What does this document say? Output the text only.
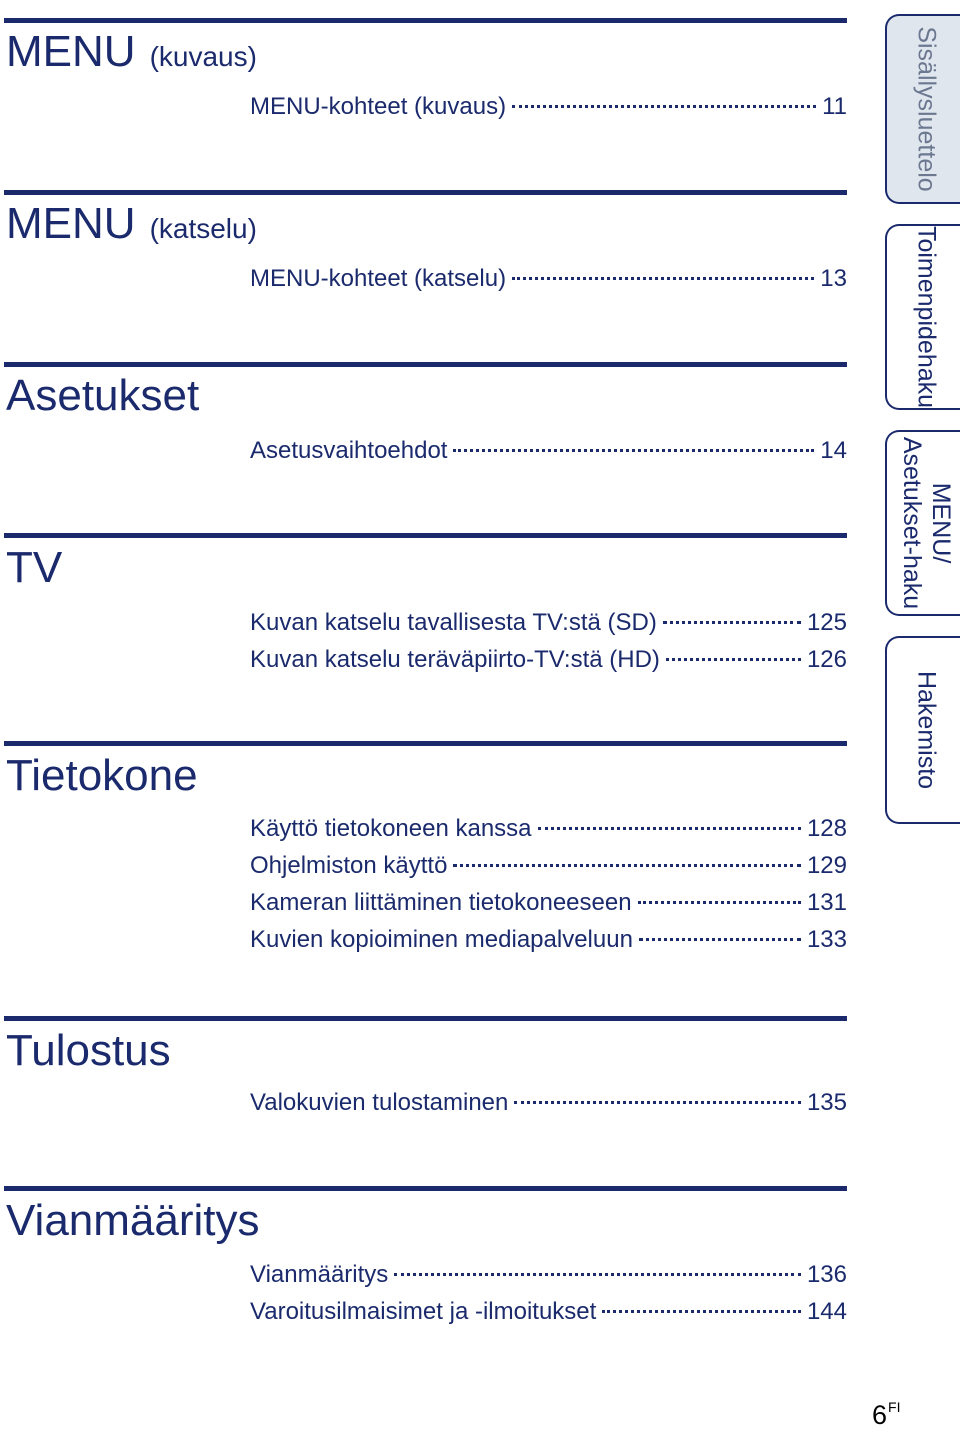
MENU (kuvaus)
MENU-kohteet (kuvaus)	11
MENU (katselu)
MENU-kohteet (katselu)	13
Asetukset
Asetusvaihtoehdot	14
TV
Kuvan katselu tavallisesta TV:stä (SD)	125
Kuvan katselu teräväpiirto-TV:stä (HD)	126
Tietokone
Käyttö tietokoneen kanssa	128
Ohjelmiston käyttö	129
Kameran liittäminen tietokoneeseen	131
Kuvien kopioiminen mediapalveluun	133
Tulostus
Valokuvien tulostaminen	135
Vianmääritys
Vianmääritys	136
Varoitusilmaisimet ja -ilmoitukset	144
Sisällysluettelo
Toimenpidehaku
MENU/
Asetukset-haku
Hakemisto
$6^{FI}$
